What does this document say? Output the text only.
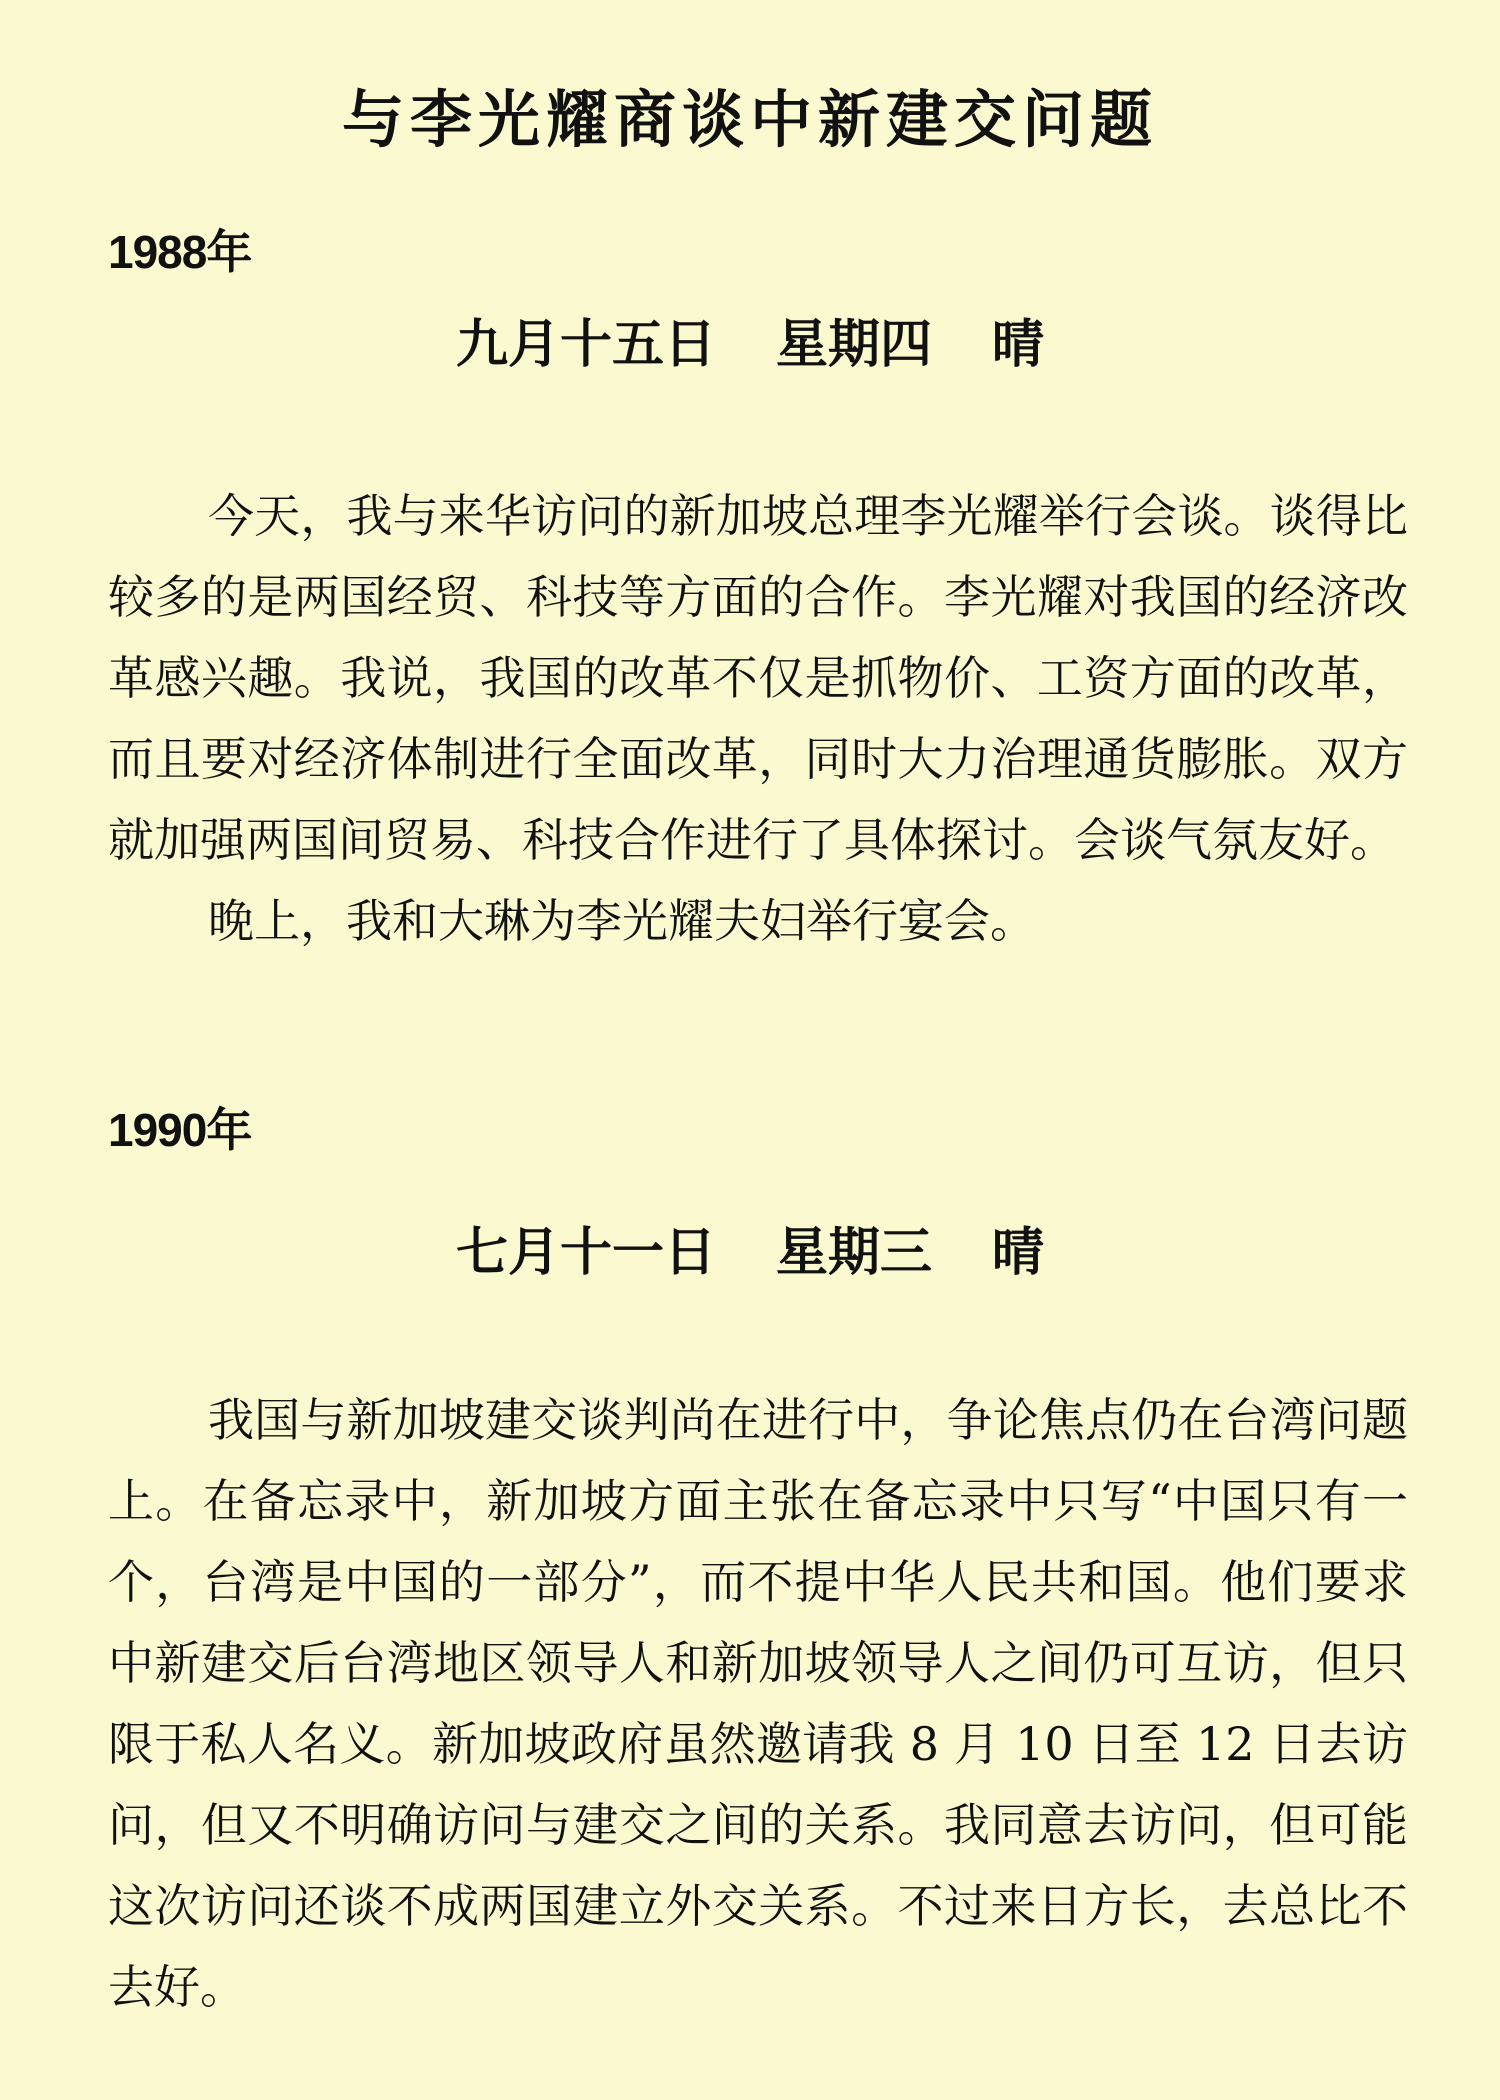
与李光耀商谈中新建交问题
1988年
九月十五日 星期四 晴

今天，我与来华访问的新加坡总理李光耀举行会谈。谈得比较多的是两国经贸、科技等方面的合作。李光耀对我国的经济改革感兴趣。我说，我国的改革不仅是抓物价、工资方面的改革，而且要对经济体制进行全面改革，同时大力治理通货膨胀。双方就加强两国间贸易、科技合作进行了具体探讨。会谈气氛友好。

晚上，我和大琳为李光耀夫妇举行宴会。

1990年
七月十一日 星期三 晴

我国与新加坡建交谈判尚在进行中，争论焦点仍在台湾问题上。在备忘录中，新加坡方面主张在备忘录中只写“中国只有一个，台湾是中国的一部分”，而不提中华人民共和国。他们要求中新建交后台湾地区领导人和新加坡领导人之间仍可互访，但只限于私人名义。新加坡政府虽然邀请我 8 月 10 日至 12 日去访问，但又不明确访问与建交之间的关系。我同意去访问，但可能这次访问还谈不成两国建立外交关系。不过来日方长，去总比不去好。
